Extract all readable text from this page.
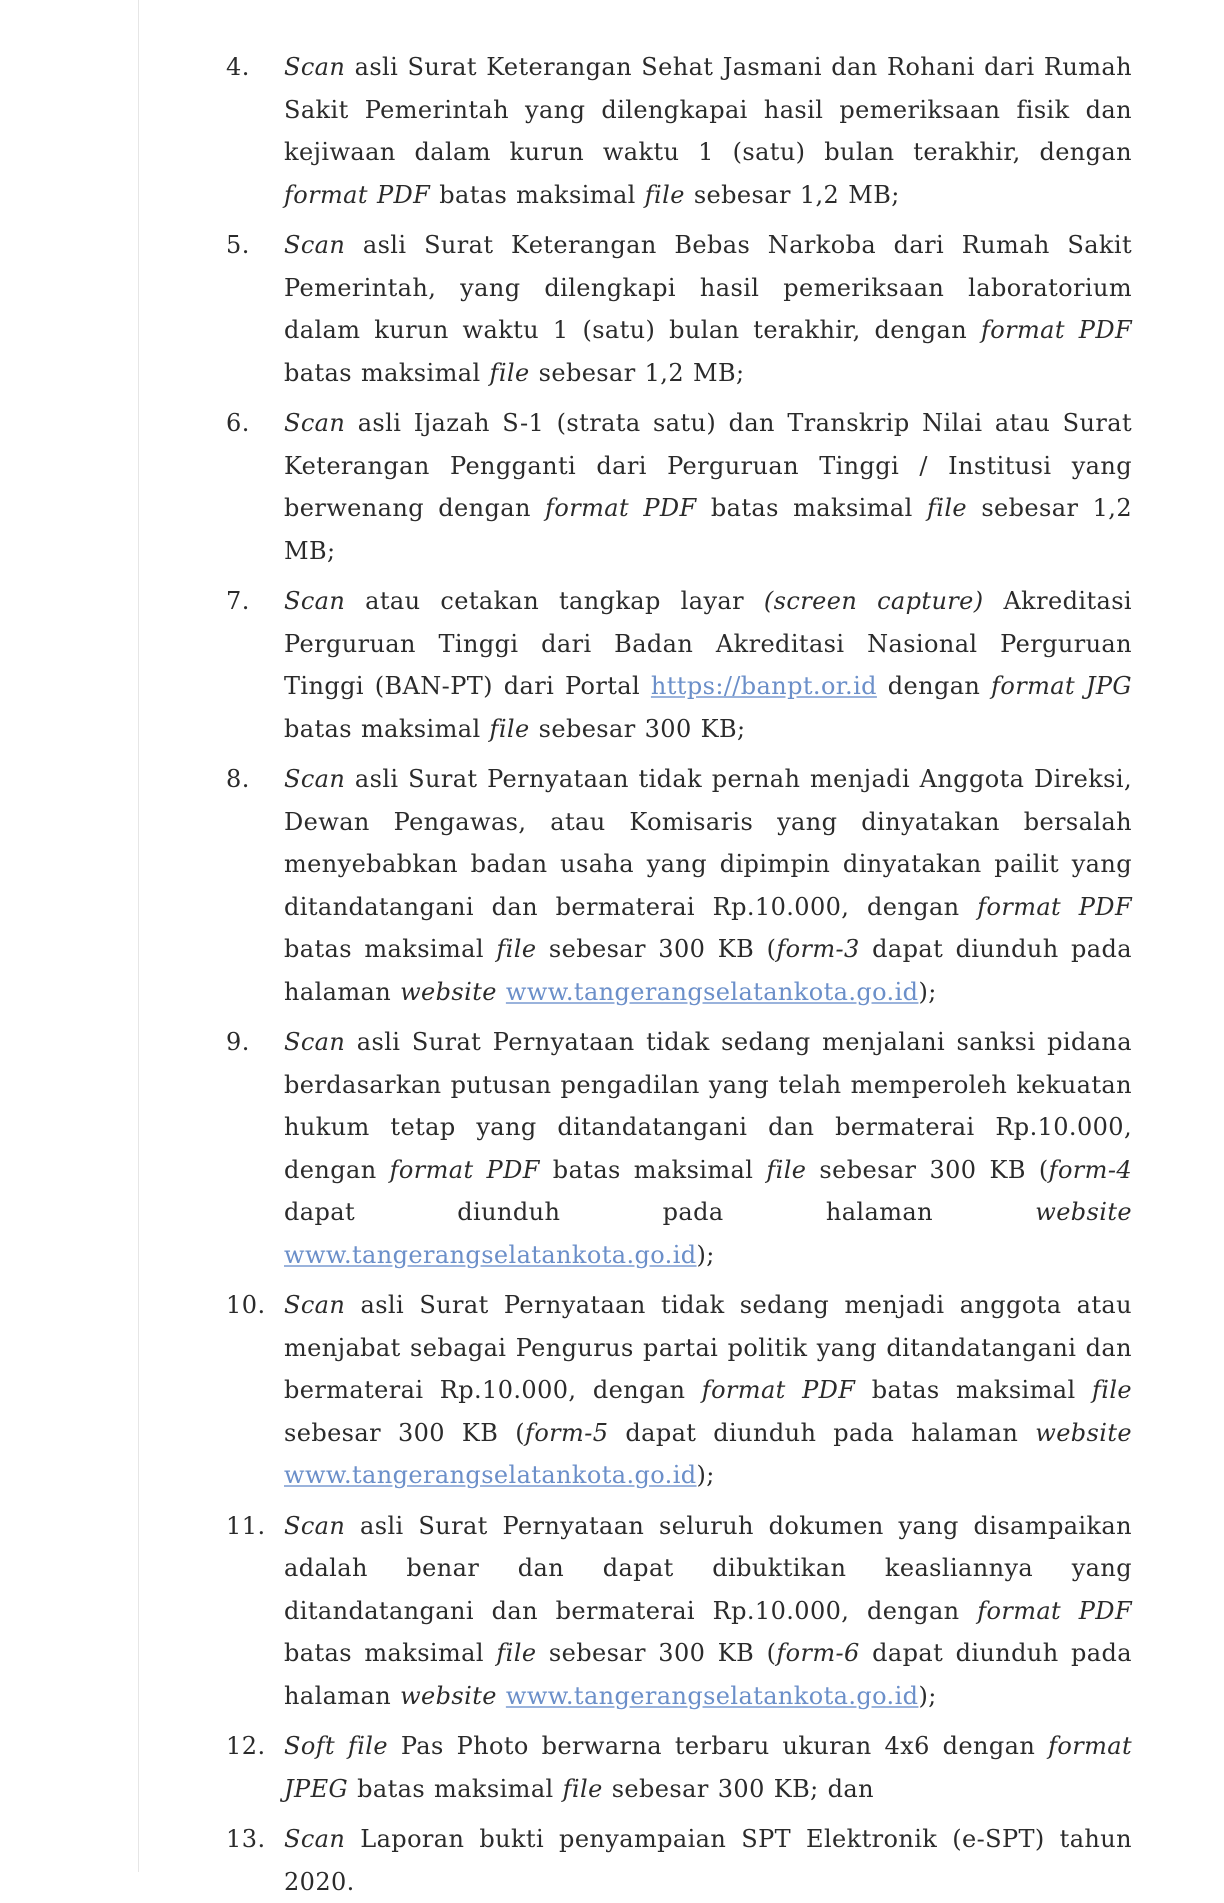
4.	Scan asli Surat Keterangan Sehat Jasmani dan Rohani dari Rumah Sakit Pemerintah yang dilengkapai hasil pemeriksaan fisik dan kejiwaan dalam kurun waktu 1 (satu) bulan terakhir, dengan format PDF batas maksimal file sebesar 1,2 MB;
5.	Scan asli Surat Keterangan Bebas Narkoba dari Rumah Sakit Pemerintah, yang dilengkapi hasil pemeriksaan laboratorium dalam kurun waktu 1 (satu) bulan terakhir, dengan format PDF batas maksimal file sebesar 1,2 MB;
6.	Scan asli Ijazah S-1 (strata satu) dan Transkrip Nilai atau Surat Keterangan Pengganti dari Perguruan Tinggi / Institusi yang berwenang dengan format PDF batas maksimal file sebesar 1,2 MB;
7.	Scan atau cetakan tangkap layar (screen capture) Akreditasi Perguruan Tinggi dari Badan Akreditasi Nasional Perguruan Tinggi (BAN-PT) dari Portal https://banpt.or.id dengan format JPG batas maksimal file sebesar 300 KB;
8.	Scan asli Surat Pernyataan tidak pernah menjadi Anggota Direksi, Dewan Pengawas, atau Komisaris yang dinyatakan bersalah menyebabkan badan usaha yang dipimpin dinyatakan pailit yang ditandatangani dan bermaterai Rp.10.000, dengan format PDF batas maksimal file sebesar 300 KB (form-3 dapat diunduh pada halaman website www.tangerangselatankota.go.id);
9.	Scan asli Surat Pernyataan tidak sedang menjalani sanksi pidana berdasarkan putusan pengadilan yang telah memperoleh kekuatan hukum tetap yang ditandatangani dan bermaterai Rp.10.000, dengan format PDF batas maksimal file sebesar 300 KB (form-4 dapat diunduh pada halaman website www.tangerangselatankota.go.id);
10. Scan asli Surat Pernyataan tidak sedang menjadi anggota atau menjabat sebagai Pengurus partai politik yang ditandatangani dan bermaterai Rp.10.000, dengan format PDF batas maksimal file sebesar 300 KB (form-5 dapat diunduh pada halaman website www.tangerangselatankota.go.id);
11. Scan asli Surat Pernyataan seluruh dokumen yang disampaikan adalah benar dan dapat dibuktikan keasliannya yang ditandatangani dan bermaterai Rp.10.000, dengan format PDF batas maksimal file sebesar 300 KB (form-6 dapat diunduh pada halaman website www.tangerangselatankota.go.id);
12. Soft file Pas Photo berwarna terbaru ukuran 4x6 dengan format JPEG batas maksimal file sebesar 300 KB; dan
13. Scan Laporan bukti penyampaian SPT Elektronik (e-SPT) tahun 2020.
